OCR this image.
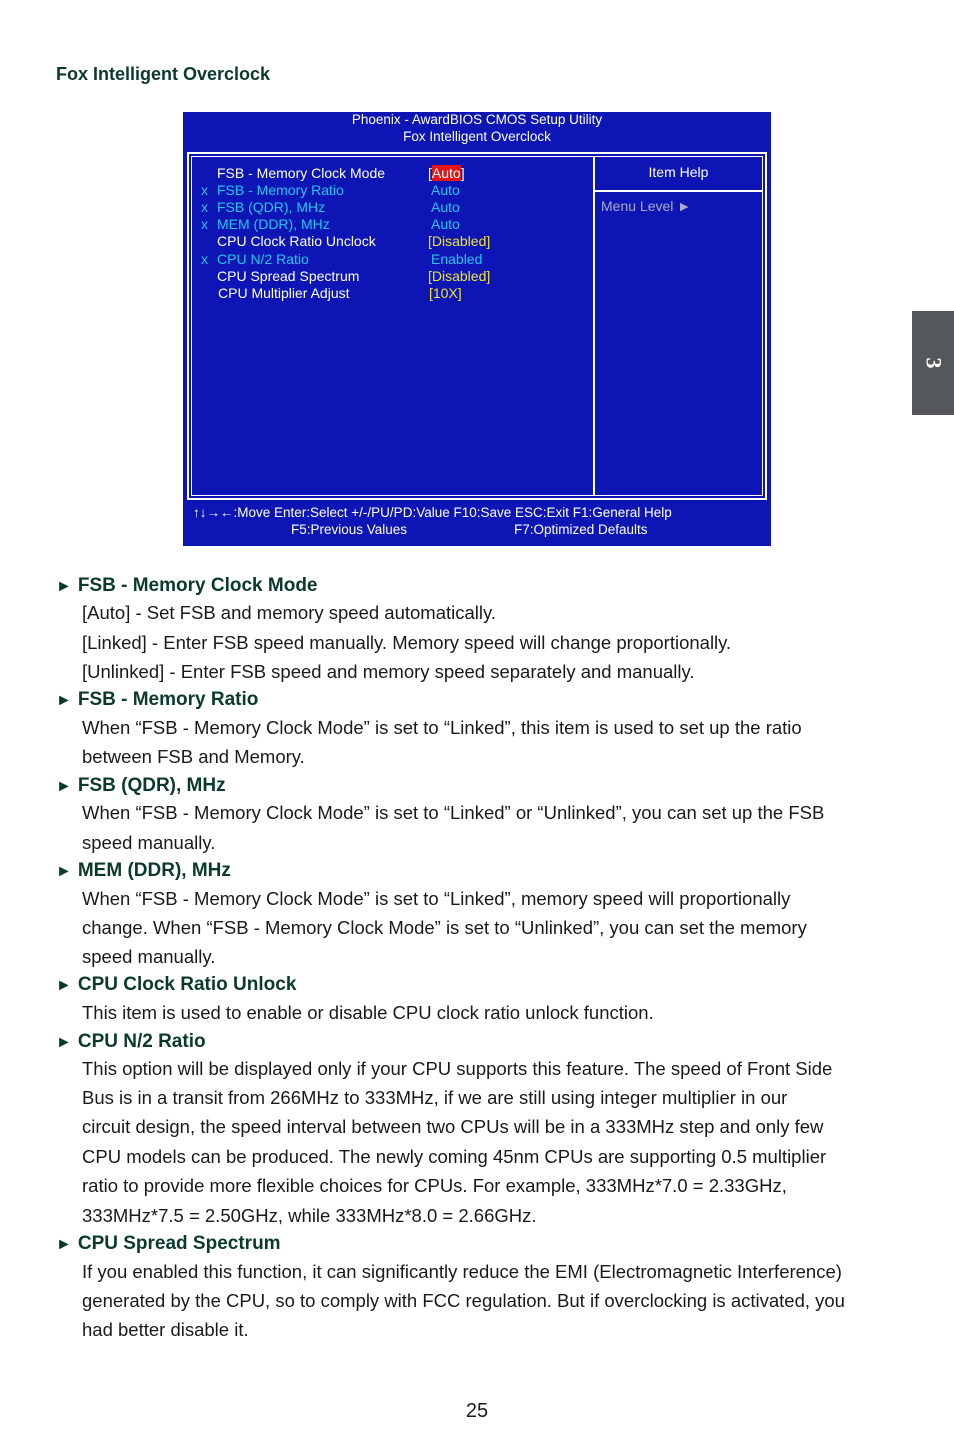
Fox Intelligent Overclock
3
Phoenix - AwardBIOS CMOS Setup Utility
Fox Intelligent Overclock
Item Help
Menu Level ►
FSB - Memory Clock Mode	[Auto]
x FSB - Memory Ratio	Auto
x FSB (QDR), MHz	Auto
x MEM (DDR), MHz	Auto
CPU Clock Ratio Unclock	[Disabled]
x CPU N/2 Ratio	Enabled
CPU Spread Spectrum	[Disabled]
CPU Multiplier Adjust	[10X]
↑↓→←:Move Enter:Select +/-/PU/PD:Value F10:Save ESC:Exit F1:General Help
F5:Previous Values	F7:Optimized Defaults
► FSB - Memory Clock Mode
[Auto] - Set FSB and memory speed automatically.
[Linked] - Enter FSB speed manually. Memory speed will change proportionally.
[Unlinked] - Enter FSB speed and memory speed separately and manually.
► FSB - Memory Ratio
When “FSB - Memory Clock Mode” is set to “Linked”, this item is used to set up the ratio
between FSB and Memory.
► FSB (QDR), MHz
When “FSB - Memory Clock Mode” is set to “Linked” or “Unlinked”, you can set up the FSB
speed manually.
► MEM (DDR), MHz
When “FSB - Memory Clock Mode” is set to “Linked”, memory speed will proportionally
change. When “FSB - Memory Clock Mode” is set to “Unlinked”, you can set the memory
speed manually.
► CPU Clock Ratio Unlock
This item is used to enable or disable CPU clock ratio unlock function.
► CPU N/2 Ratio
This option will be displayed only if your CPU supports this feature. The speed of Front Side
Bus is in a transit from 266MHz to 333MHz, if we are still using integer multiplier in our
circuit design, the speed interval between two CPUs will be in a 333MHz step and only few
CPU models can be produced. The newly coming 45nm CPUs are supporting 0.5 multiplier
ratio to provide more flexible choices for CPUs. For example, 333MHz*7.0 = 2.33GHz,
333MHz*7.5 = 2.50GHz, while 333MHz*8.0 = 2.66GHz.
► CPU Spread Spectrum
If you enabled this function, it can significantly reduce the EMI (Electromagnetic Interference)
generated by the CPU, so to comply with FCC regulation. But if overclocking is activated, you
had better disable it.
25
